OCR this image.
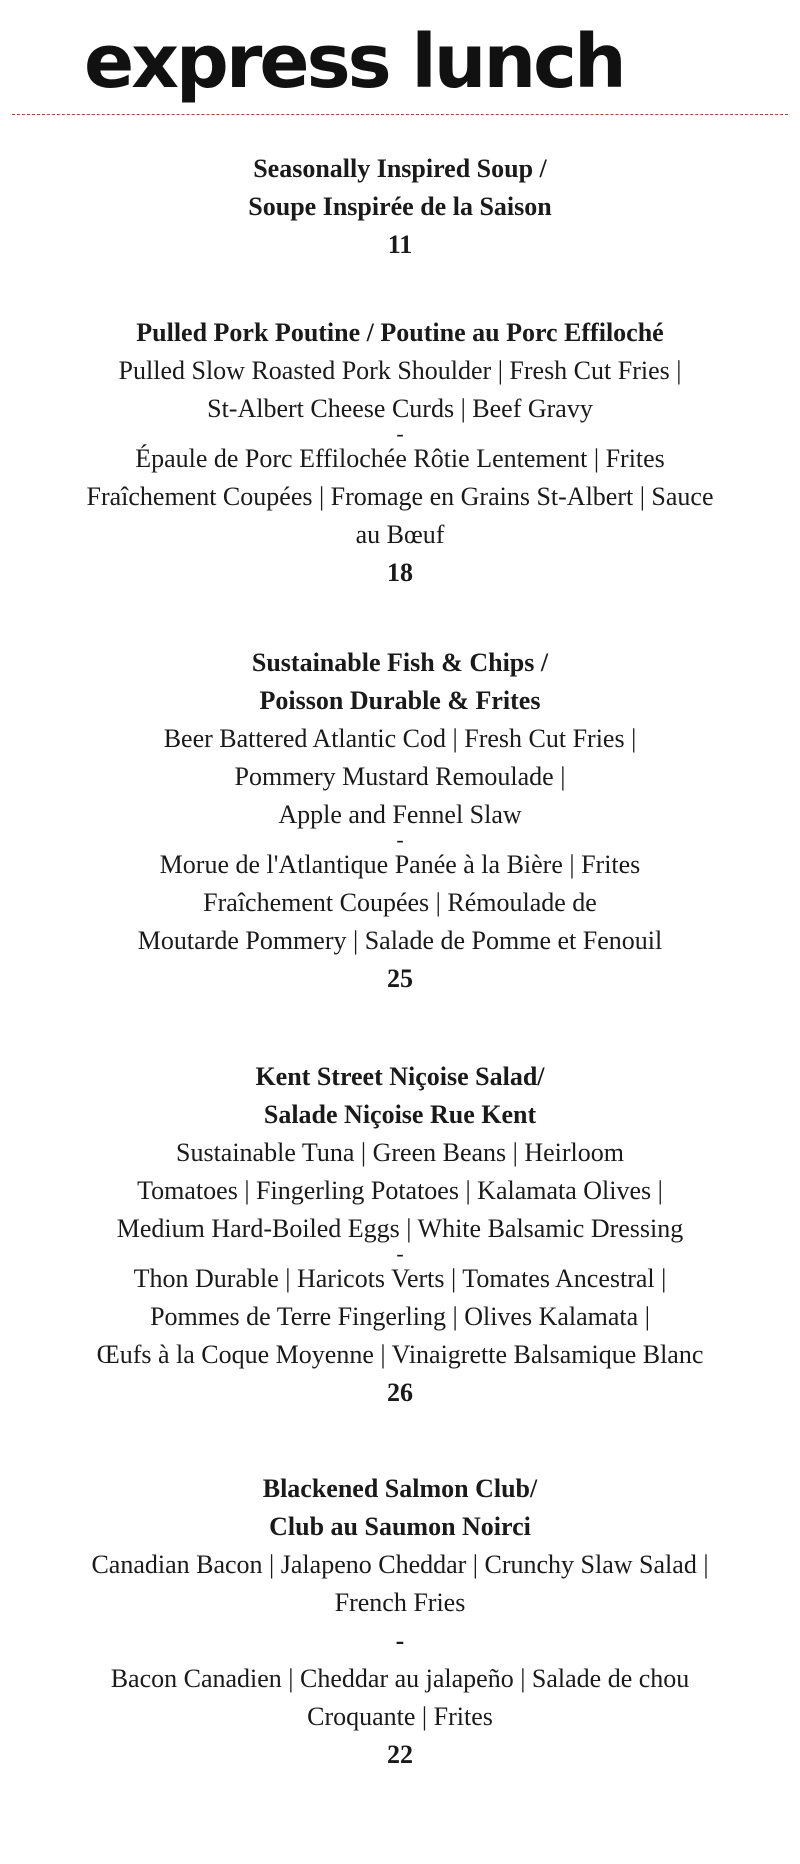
express lunch
Seasonally Inspired Soup /
Soupe Inspirée de la Saison
11
Pulled Pork Poutine / Poutine au Porc Effiloché
Pulled Slow Roasted Pork Shoulder | Fresh Cut Fries |
St-Albert Cheese Curds | Beef Gravy
-
Épaule de Porc Effilochée Rôtie Lentement | Frites
Fraîchement Coupées | Fromage en Grains St-Albert | Sauce
au Bœuf
18
Sustainable Fish & Chips /
Poisson Durable & Frites
Beer Battered Atlantic Cod | Fresh Cut Fries |
Pommery Mustard Remoulade |
Apple and Fennel Slaw
-
Morue de l'Atlantique Panée à la Bière | Frites
Fraîchement Coupées | Rémoulade de
Moutarde Pommery | Salade de Pomme et Fenouil
25
Kent Street Niçoise Salad/
Salade Niçoise Rue Kent
Sustainable Tuna | Green Beans | Heirloom
Tomatoes | Fingerling Potatoes | Kalamata Olives |
Medium Hard-Boiled Eggs | White Balsamic Dressing
-
Thon Durable | Haricots Verts | Tomates Ancestral |
Pommes de Terre Fingerling | Olives Kalamata |
Œufs à la Coque Moyenne | Vinaigrette Balsamique Blanc
26
Blackened Salmon Club/
Club au Saumon Noirci
Canadian Bacon | Jalapeno Cheddar | Crunchy Slaw Salad |
French Fries
-
Bacon Canadien | Cheddar au jalapeño | Salade de chou
Croquante | Frites
22
